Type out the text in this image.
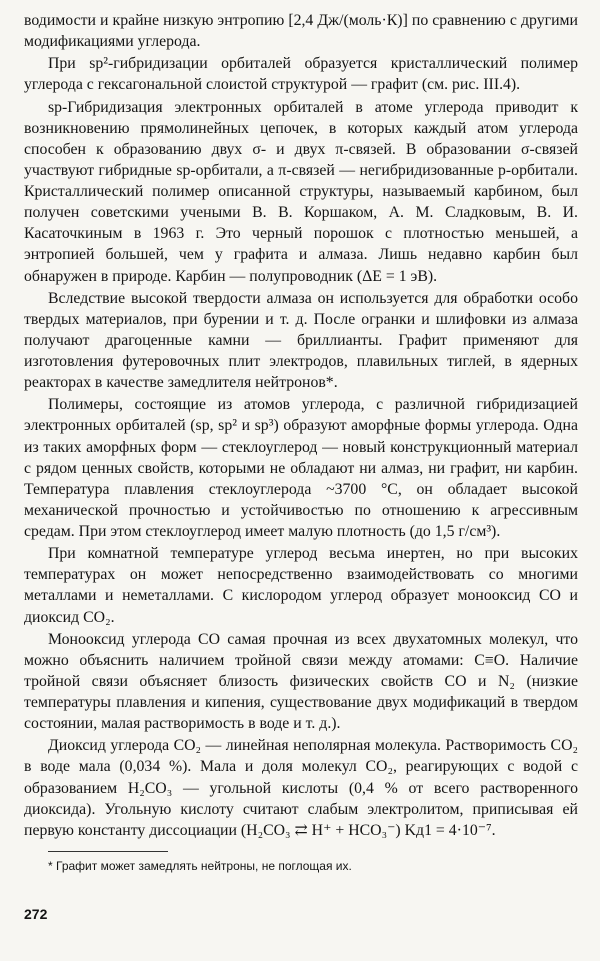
водимости и крайне низкую энтропию [2,4 Дж/(моль·К)] по сравнению с другими модификациями углерода.

При sp²-гибридизации орбиталей образуется кристаллический полимер углерода с гексагональной слоистой структурой — графит (см. рис. III.4).

sp-Гибридизация электронных орбиталей в атоме углерода приводит к возникновению прямолинейных цепочек, в которых каждый атом углерода способен к образованию двух σ- и двух π-связей. В образовании σ-связей участвуют гибридные sp-орбитали, а π-связей — негибридизованные p-орбитали. Кристаллический полимер описанной структуры, называемый карбином, был получен советскими учеными В. В. Коршаком, А. М. Сладковым, В. И. Касаточкиным в 1963 г. Это черный порошок с плотностью меньшей, а энтропией большей, чем у графита и алмаза. Лишь недавно карбин был обнаружен в природе. Карбин — полупроводник (ΔE = 1 эВ).

Вследствие высокой твердости алмаза он используется для обработки особо твердых материалов, при бурении и т. д. После огранки и шлифовки из алмаза получают драгоценные камни — бриллианты. Графит применяют для изготовления футеровочных плит электродов, плавильных тиглей, в ядерных реакторах в качестве замедлителя нейтронов*.

Полимеры, состоящие из атомов углерода, с различной гибридизацией электронных орбиталей (sp, sp² и sp³) образуют аморфные формы углерода. Одна из таких аморфных форм — стеклоуглерод — новый конструкционный материал с рядом ценных свойств, которыми не обладают ни алмаз, ни графит, ни карбин. Температура плавления стеклоуглерода ~3700 °С, он обладает высокой механической прочностью и устойчивостью по отношению к агрессивным средам. При этом стеклоуглерод имеет малую плотность (до 1,5 г/см³).

При комнатной температуре углерод весьма инертен, но при высоких температурах он может непосредственно взаимодействовать со многими металлами и неметаллами. С кислородом углерод образует монооксид CO и диоксид CO₂.

Монооксид углерода CO самая прочная из всех двухатомных молекул, что можно объяснить наличием тройной связи между атомами: C≡O. Наличие тройной связи объясняет близость физических свойств CO и N₂ (низкие температуры плавления и кипения, существование двух модификаций в твердом состоянии, малая растворимость в воде и т. д.).

Диоксид углерода CO₂ — линейная неполярная молекула. Растворимость CO₂ в воде мала (0,034 %). Мала и доля молекул CO₂, реагирующих с водой с образованием H₂CO₃ — угольной кислоты (0,4 % от всего растворенного диоксида). Угольную кислоту считают слабым электролитом, приписывая ей первую константу диссоциации (H₂CO₃ ⇄ H⁺ + HCO₃⁻) Kд1 = 4·10⁻⁷.

* Графит может замедлять нейтроны, не поглощая их.

272
